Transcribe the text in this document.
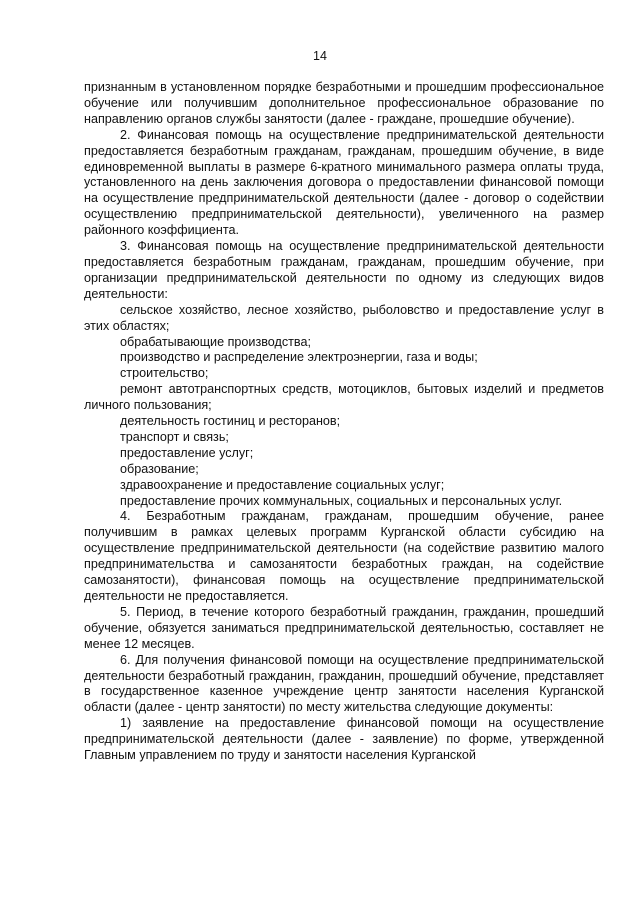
14

признанным в установленном порядке безработными и прошедшим профессиональное обучение или получившим дополнительное профессиональное образование по направлению органов службы занятости (далее - граждане, прошедшие обучение).

2. Финансовая помощь на осуществление предпринимательской деятельности предоставляется безработным гражданам, гражданам, прошедшим обучение, в виде единовременной выплаты в размере 6-кратного минимального размера оплаты труда, установленного на день заключения договора о предоставлении финансовой помощи на осуществление предпринимательской деятельности (далее - договор о содействии осуществлению предпринимательской деятельности), увеличенного на размер районного коэффициента.

3. Финансовая помощь на осуществление предпринимательской деятельности предоставляется безработным гражданам, гражданам, прошедшим обучение, при организации предпринимательской деятельности по одному из следующих видов деятельности:

сельское хозяйство, лесное хозяйство, рыболовство и предоставление услуг в этих областях;

обрабатывающие производства;

производство и распределение электроэнергии, газа и воды;

строительство;

ремонт автотранспортных средств, мотоциклов, бытовых изделий и предметов личного пользования;

деятельность гостиниц и ресторанов;

транспорт и связь;

предоставление услуг;

образование;

здравоохранение и предоставление социальных услуг;

предоставление прочих коммунальных, социальных и персональных услуг.

4. Безработным гражданам, гражданам, прошедшим обучение, ранее получившим в рамках целевых программ Курганской области субсидию на осуществление предпринимательской деятельности (на содействие развитию малого предпринимательства и самозанятости безработных граждан, на содействие самозанятости), финансовая помощь на осуществление предпринимательской деятельности не предоставляется.

5. Период, в течение которого безработный гражданин, гражданин, прошедший обучение, обязуется заниматься предпринимательской деятельностью, составляет не менее 12 месяцев.

6. Для получения финансовой помощи на осуществление предпринимательской деятельности безработный гражданин, гражданин, прошедший обучение, представляет в государственное казенное учреждение центр занятости населения Курганской области (далее - центр занятости) по месту жительства следующие документы:

1) заявление на предоставление финансовой помощи на осуществление предпринимательской деятельности (далее - заявление) по форме, утвержденной Главным управлением по труду и занятости населения Курганской
